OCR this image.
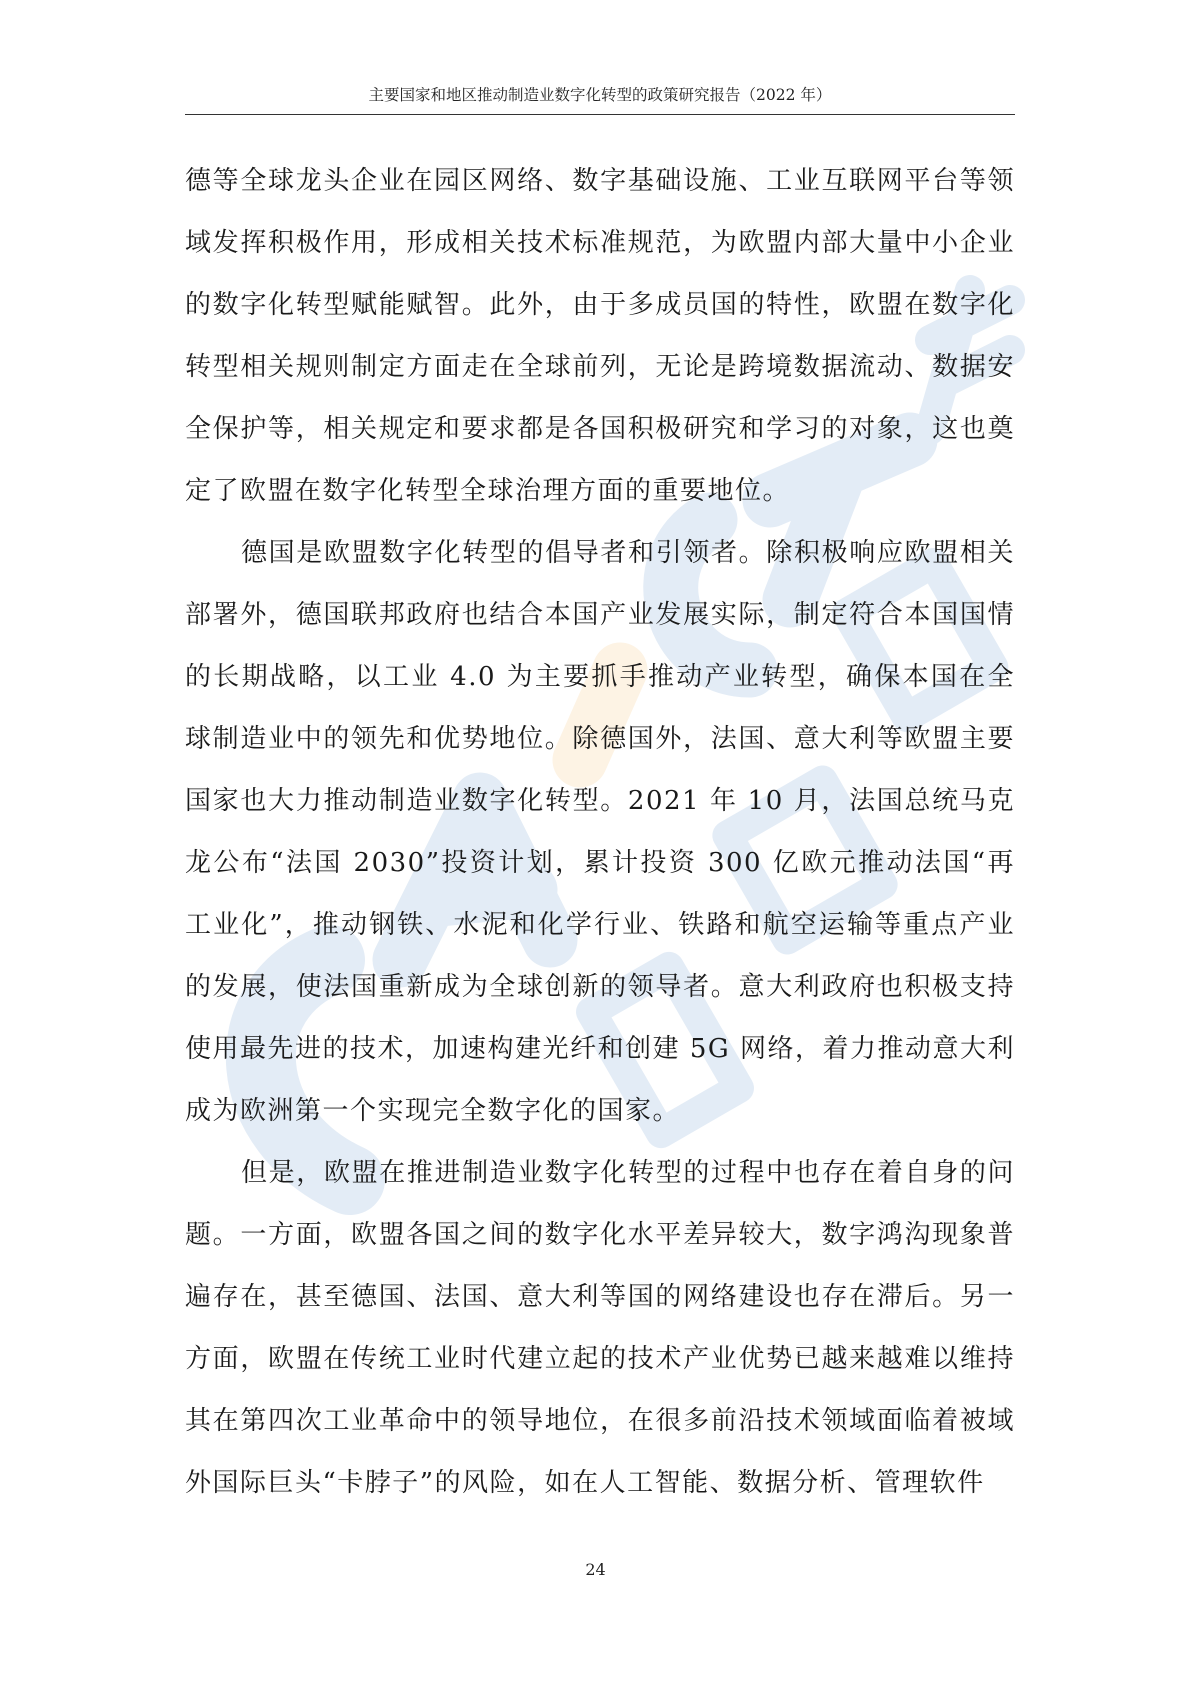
主要国家和地区推动制造业数字化转型的政策研究报告（2022 年）

德等全球龙头企业在园区网络、数字基础设施、工业互联网平台等领域发挥积极作用，形成相关技术标准规范，为欧盟内部大量中小企业的数字化转型赋能赋智。此外，由于多成员国的特性，欧盟在数字化转型相关规则制定方面走在全球前列，无论是跨境数据流动、数据安全保护等，相关规定和要求都是各国积极研究和学习的对象，这也奠定了欧盟在数字化转型全球治理方面的重要地位。

德国是欧盟数字化转型的倡导者和引领者。除积极响应欧盟相关部署外，德国联邦政府也结合本国产业发展实际，制定符合本国国情的长期战略，以工业 4.0 为主要抓手推动产业转型，确保本国在全球制造业中的领先和优势地位。除德国外，法国、意大利等欧盟主要国家也大力推动制造业数字化转型。2021 年 10 月，法国总统马克龙公布“法国 2030”投资计划，累计投资 300 亿欧元推动法国“再工业化”，推动钢铁、水泥和化学行业、铁路和航空运输等重点产业的发展，使法国重新成为全球创新的领导者。意大利政府也积极支持使用最先进的技术，加速构建光纤和创建 5G 网络，着力推动意大利成为欧洲第一个实现完全数字化的国家。

但是，欧盟在推进制造业数字化转型的过程中也存在着自身的问题。一方面，欧盟各国之间的数字化水平差异较大，数字鸿沟现象普遍存在，甚至德国、法国、意大利等国的网络建设也存在滞后。另一方面，欧盟在传统工业时代建立起的技术产业优势已越来越难以维持其在第四次工业革命中的领导地位，在很多前沿技术领域面临着被域外国际巨头“卡脖子”的风险，如在人工智能、数据分析、管理软件

24
